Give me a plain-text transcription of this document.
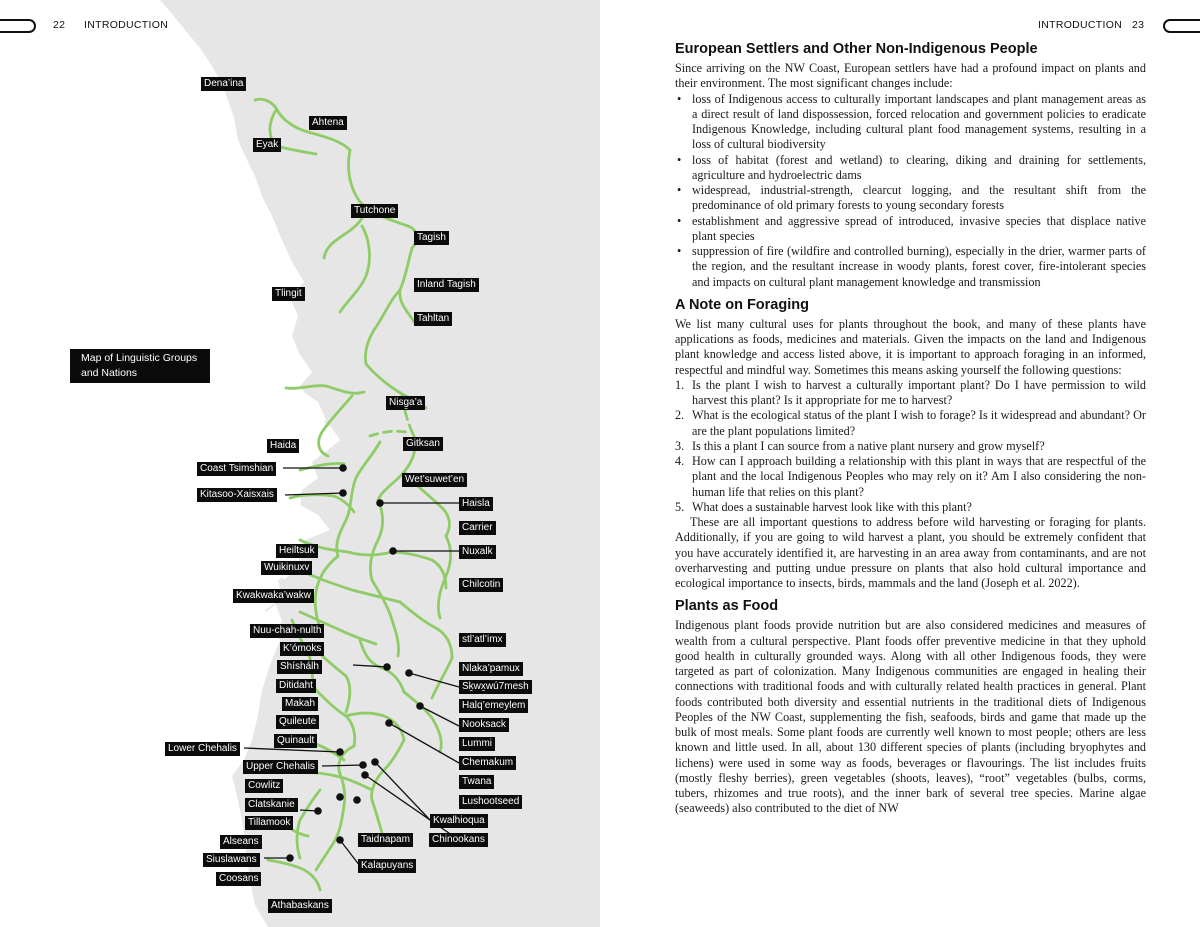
22 INTRODUCTION
Map of Linguistic Groups
and Nations
Dena’ina
Ahtena
Eyak
Tutchone
Tagish
Tlingit
Inland Tagish
Tahltan
Nisg̱a’a
Haida	Gitksan
Coast Tsimshian
Wet’suwet’en
Kitasoo-Xaisxais
Haisla
Carrier
Heiltsuk	Nuxalk
Wuikinuxv
Chilcotin
Kwakwaka’wakw
Nuu-chah-nulth
stl’atl’imx
K’ómoks
Shíshálh	Nlaka’pamux
Ditidaht	Sḵwx̱wú7mesh
Makah	Halq’emeylem
Quileute	Nooksack
Quinault	Lummi
Lower Chehalis
Chemakum
Upper Chehalis
Twana
Cowlitz
Lushootseed
Clatskanie
Tillamook	Kwalhioqua
Alseans	Chinookans
Taidnapam
Siuslawans
Kalapuyans
Coosans
Athabaskans
INTRODUCTION 23
European Settlers and Other Non-Indigenous People

Since arriving on the NW Coast, European settlers have had a profound impact on plants and their environment. The most significant changes include:

• loss of Indigenous access to culturally important landscapes and plant management areas as a direct result of land dispossession, forced relocation and government policies to eradicate Indigenous Knowledge, including cultural plant food management systems, resulting in a loss of cultural biodiversity
• loss of habitat (forest and wetland) to clearing, diking and draining for settlements, agriculture and hydroelectric dams
• widespread, industrial-strength, clearcut logging, and the resultant shift from the predominance of old primary forests to young secondary forests
• establishment and aggressive spread of introduced, invasive species that displace native plant species
• suppression of fire (wildfire and controlled burning), especially in the drier, warmer parts of the region, and the resultant increase in woody plants, forest cover, fire-intolerant species and impacts on cultural plant management knowledge and transmission
A Note on Foraging

We list many cultural uses for plants throughout the book, and many of these plants have applications as foods, medicines and materials. Given the impacts on the land and Indigenous plant knowledge and access listed above, it is important to approach foraging in an informed, respectful and mindful way. Sometimes this means asking yourself the following questions:

1. Is the plant I wish to harvest a culturally important plant? Do I have permission to wild harvest this plant? Is it appropriate for me to harvest?
2. What is the ecological status of the plant I wish to forage? Is it widespread and abundant? Or are the plant populations limited?
3. Is this a plant I can source from a native plant nursery and grow myself?
4. How can I approach building a relationship with this plant in ways that are respectful of the plant and the local Indigenous Peoples who may rely on it? Am I also considering the non-human life that relies on this plant?
5. What does a sustainable harvest look like with this plant?

These are all important questions to address before wild harvesting or foraging for plants. Additionally, if you are going to wild harvest a plant, you should be extremely confident that you have accurately identified it, are harvesting in an area away from contaminants, and are not overharvesting and putting undue pressure on plants that also hold cultural importance and ecological importance to insects, birds, mammals and the land (Joseph et al. 2022).

Plants as Food

Indigenous plant foods provide nutrition but are also considered medicines and measures of wealth from a cultural perspective. Plant foods offer preventive medicine in that they uphold good health in culturally grounded ways. Along with all other Indigenous foods, they were targeted as part of colonization. Many Indigenous communities are engaged in healing their connections with traditional foods and with culturally related health practices in general. Plant foods contributed both diversity and essential nutrients in the traditional diets of Indigenous Peoples of the NW Coast, supplementing the fish, seafoods, birds and game that made up the bulk of most meals. Some plant foods are currently well known to most people; others are less known and little used. In all, about 130 different species of plants (including bryophytes and lichens) were used in some way as foods, beverages or flavourings. The list includes fruits (mostly fleshy berries), green vegetables (shoots, leaves), “root” vegetables (bulbs, corms, tubers, rhizomes and true roots), and the inner bark of several tree species. Marine algae (seaweeds) also contributed to the diet of NW
